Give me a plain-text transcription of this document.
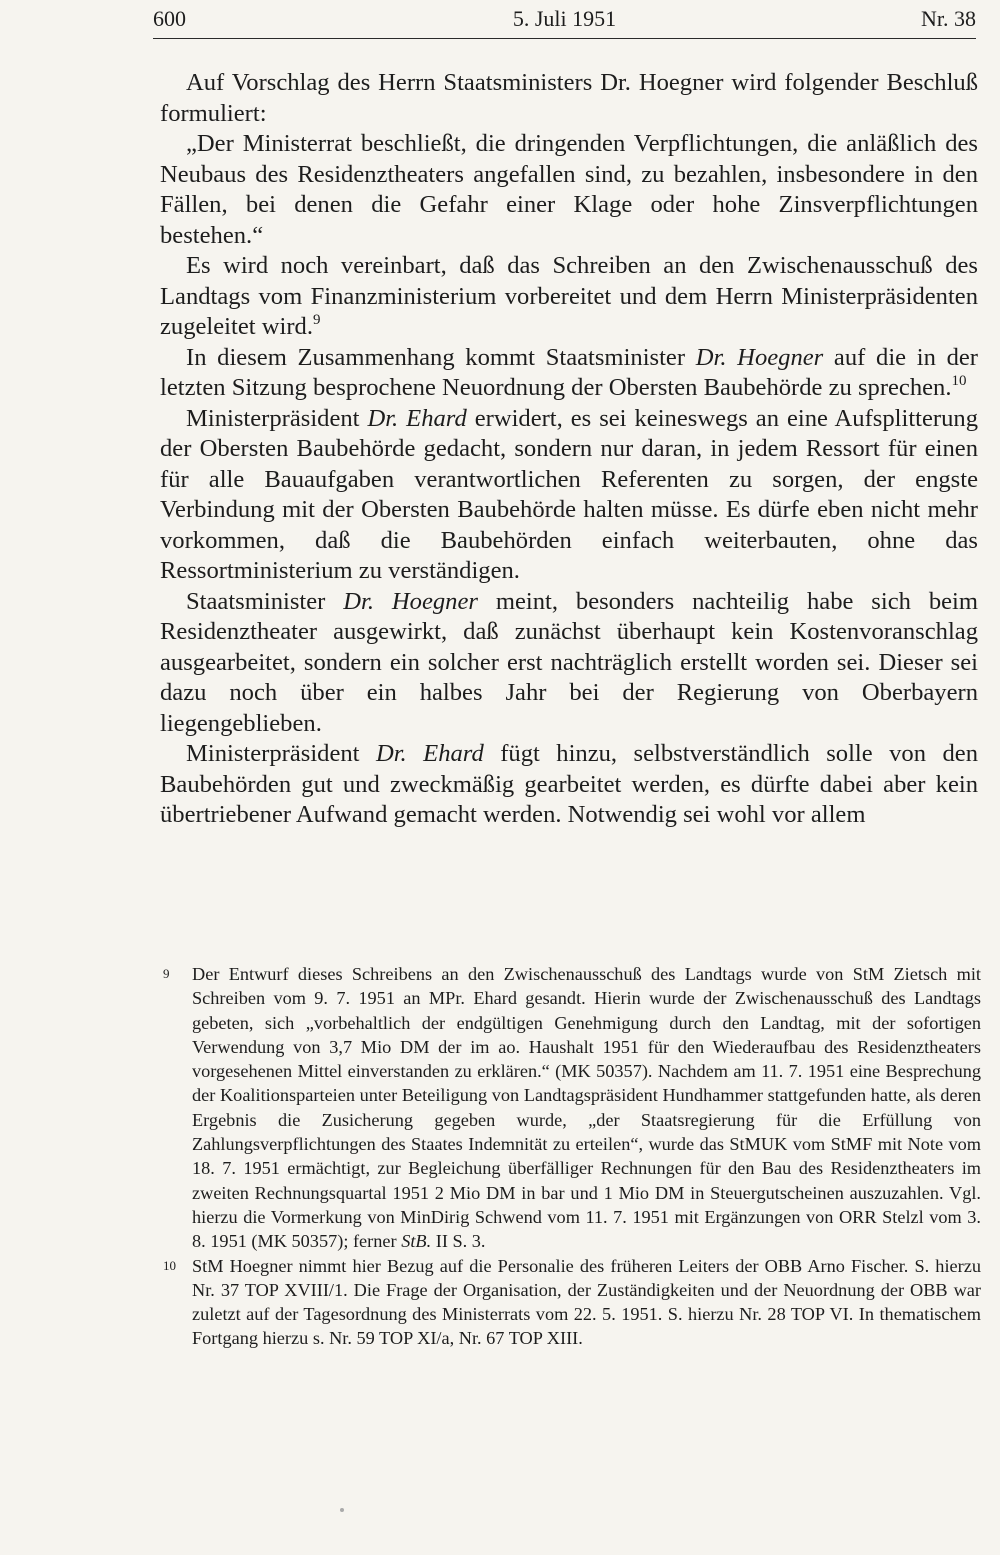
600	5. Juli 1951	Nr. 38

Auf Vorschlag des Herrn Staatsministers Dr. Hoegner wird folgender Beschluß formuliert:

„Der Ministerrat beschließt, die dringenden Verpflichtungen, die anläßlich des Neubaus des Residenztheaters angefallen sind, zu bezahlen, insbesondere in den Fällen, bei denen die Gefahr einer Klage oder hohe Zinsverpflichtungen bestehen.“

Es wird noch vereinbart, daß das Schreiben an den Zwischenausschuß des Landtags vom Finanzministerium vorbereitet und dem Herrn Ministerpräsidenten zugeleitet wird.$^9$

In diesem Zusammenhang kommt Staatsminister Dr. Hoegner auf die in der letzten Sitzung besprochene Neuordnung der Obersten Baubehörde zu sprechen.$^{10}$

Ministerpräsident Dr. Ehard erwidert, es sei keineswegs an eine Aufsplitterung der Obersten Baubehörde gedacht, sondern nur daran, in jedem Ressort für einen für alle Bauaufgaben verantwortlichen Referenten zu sorgen, der engste Verbindung mit der Obersten Baubehörde halten müsse. Es dürfe eben nicht mehr vorkommen, daß die Baubehörden einfach weiterbauten, ohne das Ressortministerium zu verständigen.

Staatsminister Dr. Hoegner meint, besonders nachteilig habe sich beim Residenztheater ausgewirkt, daß zunächst überhaupt kein Kostenvoranschlag ausgearbeitet, sondern ein solcher erst nachträglich erstellt worden sei. Dieser sei dazu noch über ein halbes Jahr bei der Regierung von Oberbayern liegengeblieben.

Ministerpräsident Dr. Ehard fügt hinzu, selbstverständlich solle von den Baubehörden gut und zweckmäßig gearbeitet werden, es dürfte dabei aber kein übertriebener Aufwand gemacht werden. Notwendig sei wohl vor allem

9 Der Entwurf dieses Schreibens an den Zwischenausschuß des Landtags wurde von StM Zietsch mit Schreiben vom 9. 7. 1951 an MPr. Ehard gesandt. Hierin wurde der Zwischenausschuß des Landtags gebeten, sich „vorbehaltlich der endgültigen Genehmigung durch den Landtag, mit der sofortigen Verwendung von 3,7 Mio DM der im ao. Haushalt 1951 für den Wiederaufbau des Residenztheaters vorgesehenen Mittel einverstanden zu erklären.“ (MK 50357). Nachdem am 11. 7. 1951 eine Besprechung der Koalitionsparteien unter Beteiligung von Landtagspräsident Hundhammer stattgefunden hatte, als deren Ergebnis die Zusicherung gegeben wurde, „der Staatsregierung für die Erfüllung von Zahlungsverpflichtungen des Staates Indemnität zu erteilen“, wurde das StMUK vom StMF mit Note vom 18. 7. 1951 ermächtigt, zur Begleichung überfälliger Rechnungen für den Bau des Residenztheaters im zweiten Rechnungsquartal 1951 2 Mio DM in bar und 1 Mio DM in Steuergutscheinen auszuzahlen. Vgl. hierzu die Vormerkung von MinDirig Schwend vom 11. 7. 1951 mit Ergänzungen von ORR Stelzl vom 3. 8. 1951 (MK 50357); ferner StB. II S. 3.
10 StM Hoegner nimmt hier Bezug auf die Personalie des früheren Leiters der OBB Arno Fischer. S. hierzu Nr. 37 TOP XVIII/1. Die Frage der Organisation, der Zuständigkeiten und der Neuordnung der OBB war zuletzt auf der Tagesordnung des Ministerrats vom 22. 5. 1951. S. hierzu Nr. 28 TOP VI. In thematischem Fortgang hierzu s. Nr. 59 TOP XI/a, Nr. 67 TOP XIII.
